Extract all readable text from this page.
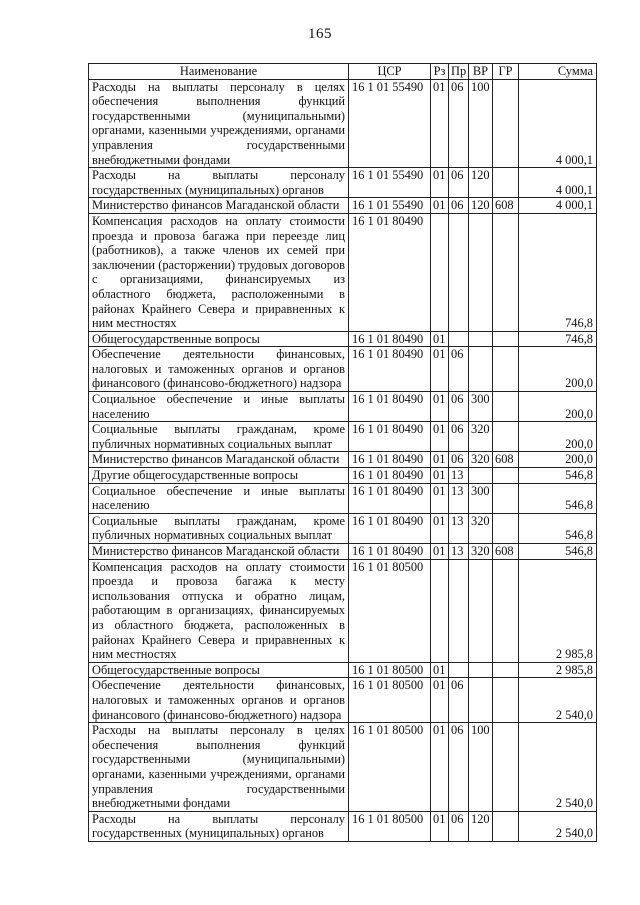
165
Наименование	ЦСР	Рз	Пр	ВР	ГР	Сумма
Расходы на выплаты персоналу в целях обеспечения выполнения функций государственными (муниципальными) органами, казенными учреждениями, органами управления государственными внебюджетными фондами	16 1 01 55490	01	06	100		4 000,1
Расходы на выплаты персоналу государственных (муниципальных) органов	16 1 01 55490	01	06	120		4 000,1
Министерство финансов Магаданской области	16 1 01 55490	01	06	120	608	4 000,1
Компенсация расходов на оплату стоимости проезда и провоза багажа при переезде лиц (работников), а также членов их семей при заключении (расторжении) трудовых договоров с организациями, финансируемых из областного бюджета, расположенными в районах Крайнего Севера и приравненных к ним местностях	16 1 01 80490					746,8
Общегосударственные вопросы	16 1 01 80490	01				746,8
Обеспечение деятельности финансовых, налоговых и таможенных органов и органов финансового (финансово-бюджетного) надзора	16 1 01 80490	01	06			200,0
Социальное обеспечение и иные выплаты населению	16 1 01 80490	01	06	300		200,0
Социальные выплаты гражданам, кроме публичных нормативных социальных выплат	16 1 01 80490	01	06	320		200,0
Министерство финансов Магаданской области	16 1 01 80490	01	06	320	608	200,0
Другие общегосударственные вопросы	16 1 01 80490	01	13			546,8
Социальное обеспечение и иные выплаты населению	16 1 01 80490	01	13	300		546,8
Социальные выплаты гражданам, кроме публичных нормативных социальных выплат	16 1 01 80490	01	13	320		546,8
Министерство финансов Магаданской области	16 1 01 80490	01	13	320	608	546,8
Компенсация расходов на оплату стоимости проезда и провоза багажа к месту использования отпуска и обратно лицам, работающим в организациях, финансируемых из областного бюджета, расположенных в районах Крайнего Севера и приравненных к ним местностях	16 1 01 80500					2 985,8
Общегосударственные вопросы	16 1 01 80500	01				2 985,8
Обеспечение деятельности финансовых, налоговых и таможенных органов и органов финансового (финансово-бюджетного) надзора	16 1 01 80500	01	06			2 540,0
Расходы на выплаты персоналу в целях обеспечения выполнения функций государственными (муниципальными) органами, казенными учреждениями, органами управления государственными внебюджетными фондами	16 1 01 80500	01	06	100		2 540,0
Расходы на выплаты персоналу государственных (муниципальных) органов	16 1 01 80500	01	06	120		2 540,0
